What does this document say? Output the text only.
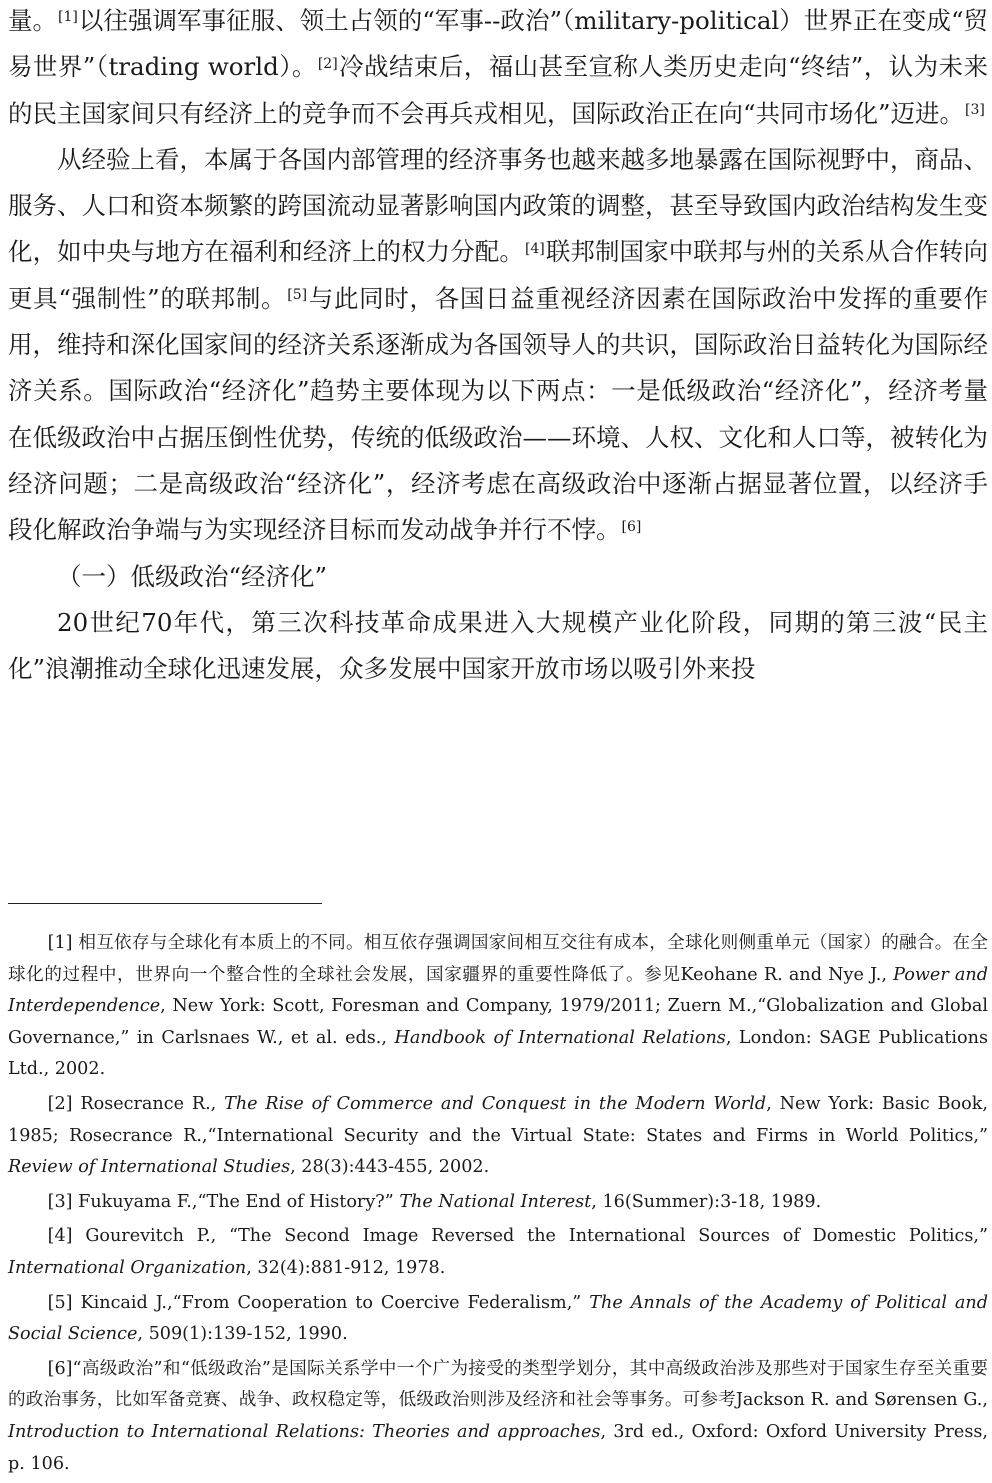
量。[1]以往强调军事征服、领土占领的“军事--政治”（military-political）世界正在变成“贸易世界”（trading world）。[2]冷战结束后，福山甚至宣称人类历史走向“终结”，认为未来的民主国家间只有经济上的竞争而不会再兵戎相见，国际政治正在向“共同市场化”迈进。[3]

从经验上看，本属于各国内部管理的经济事务也越来越多地暴露在国际视野中，商品、服务、人口和资本频繁的跨国流动显著影响国内政策的调整，甚至导致国内政治结构发生变化，如中央与地方在福利和经济上的权力分配。[4]联邦制国家中联邦与州的关系从合作转向更具“强制性”的联邦制。[5]与此同时，各国日益重视经济因素在国际政治中发挥的重要作用，维持和深化国家间的经济关系逐渐成为各国领导人的共识，国际政治日益转化为国际经济关系。国际政治“经济化”趋势主要体现为以下两点：一是低级政治“经济化”，经济考量在低级政治中占据压倒性优势，传统的低级政治——环境、人权、文化和人口等，被转化为经济问题；二是高级政治“经济化”，经济考虑在高级政治中逐渐占据显著位置，以经济手段化解政治争端与为实现经济目标而发动战争并行不悖。[6]

（一）低级政治“经济化”

20世纪70年代，第三次科技革命成果进入大规模产业化阶段，同期的第三波“民主化”浪潮推动全球化迅速发展，众多发展中国家开放市场以吸引外来投

[1] 相互依存与全球化有本质上的不同。相互依存强调国家间相互交往有成本，全球化则侧重单元（国家）的融合。在全球化的过程中，世界向一个整合性的全球社会发展，国家疆界的重要性降低了。参见Keohane R. and Nye J., Power and Interdependence, New York: Scott, Foresman and Company, 1979/2011; Zuern M.,“Globalization and Global Governance,” in Carlsnaes W., et al. eds., Handbook of International Relations, London: SAGE Publications Ltd., 2002.

[2] Rosecrance R., The Rise of Commerce and Conquest in the Modern World, New York: Basic Book, 1985; Rosecrance R.,“International Security and the Virtual State: States and Firms in World Politics,” Review of International Studies, 28(3):443-455, 2002.

[3] Fukuyama F.,“The End of History?” The National Interest, 16(Summer):3-18, 1989.

[4] Gourevitch P., “The Second Image Reversed the International Sources of Domestic Politics,” International Organization, 32(4):881-912, 1978.

[5] Kincaid J.,“From Cooperation to Coercive Federalism,” The Annals of the Academy of Political and Social Science, 509(1):139-152, 1990.

[6]“高级政治”和“低级政治”是国际关系学中一个广为接受的类型学划分，其中高级政治涉及那些对于国家生存至关重要的政治事务，比如军备竞赛、战争、政权稳定等，低级政治则涉及经济和社会等事务。可参考Jackson R. and Sørensen G., Introduction to International Relations: Theories and approaches, 3rd ed., Oxford: Oxford University Press, p. 106.
